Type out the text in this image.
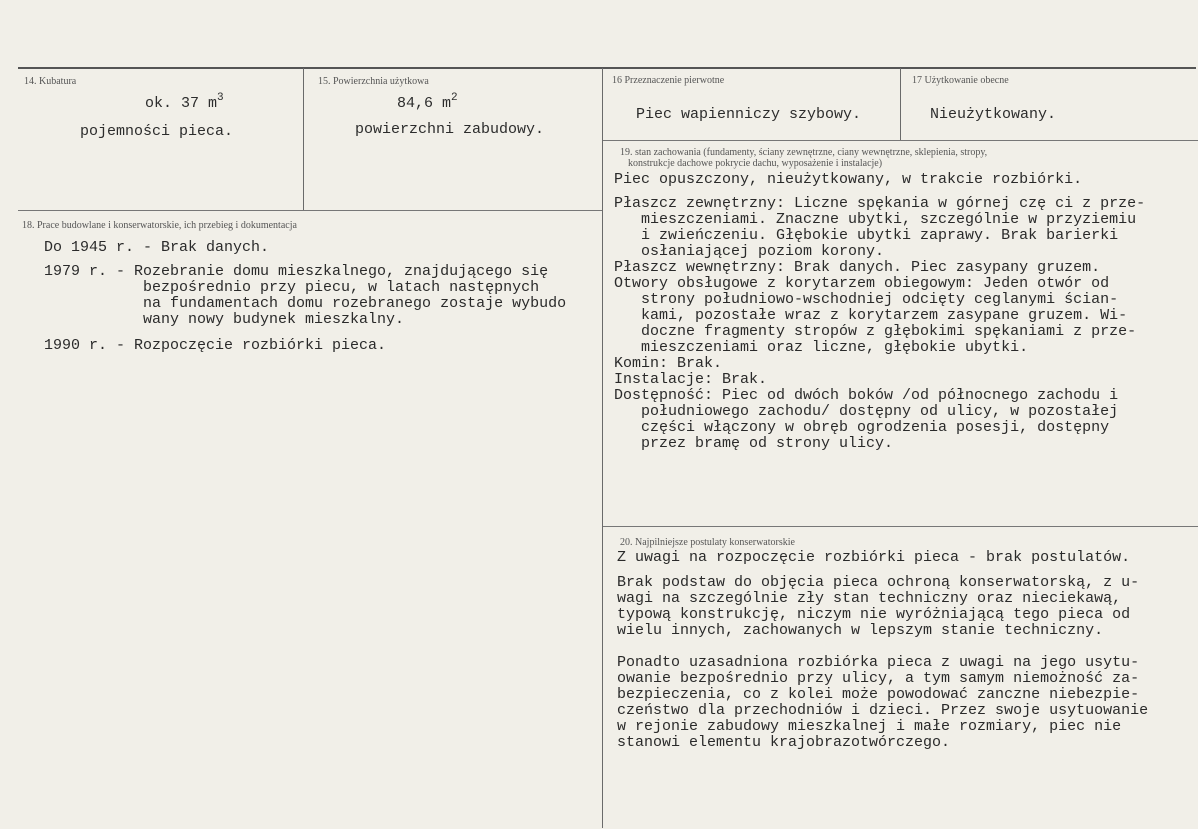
14. Kubatura
ok. 37 $m^3$
pojemności pieca.
15. Powierzchnia użytkowa
84,6 $m^2$
powierzchni zabudowy.
16 Przeznaczenie pierwotne
Piec wapienniczy szybowy.
17 Użytkowanie obecne
Nieużytkowany.
18. Prace budowlane i konserwatorskie, ich przebieg i dokumentacja
Do 1945 r. - Brak danych.
1979 r. - Rozebranie domu mieszkalnego, znajdującego się
bezpośrednio przy piecu, w latach następnych
na fundamentach domu rozebranego zostaje wybudo
wany nowy budynek mieszkalny.
1990 r. - Rozpoczęcie rozbiórki pieca.
19. stan zachowania (fundamenty, ściany zewnętrzne, ciany wewnętrzne, sklepienia, stropy,
konstrukcje dachowe pokrycie dachu, wyposażenie i instalacje)
Piec opuszczony, nieużytkowany, w trakcie rozbiórki.
Płaszcz zewnętrzny: Liczne spękania w górnej czę ci z prze-
mieszczeniami. Znaczne ubytki, szczególnie w przyziemiu
i zwieńczeniu. Głębokie ubytki zaprawy. Brak barierki
osłaniającej poziom korony.
Płaszcz wewnętrzny: Brak danych. Piec zasypany gruzem.
Otwory obsługowe z korytarzem obiegowym: Jeden otwór od
strony południowo-wschodniej odcięty ceglanymi ścian-
kami, pozostałe wraz z korytarzem zasypane gruzem. Wi-
doczne fragmenty stropów z głębokimi spękaniami z prze-
mieszczeniami oraz liczne, głębokie ubytki.
Komin: Brak.
Instalacje: Brak.
Dostępność: Piec od dwóch boków /od północnego zachodu i
południowego zachodu/ dostępny od ulicy, w pozostałej
części włączony w obręb ogrodzenia posesji, dostępny
przez bramę od strony ulicy.
20. Najpilniejsze postulaty konserwatorskie
Z uwagi na rozpoczęcie rozbiórki pieca - brak postulatów.
Brak podstaw do objęcia pieca ochroną konserwatorską, z u-
wagi na szczególnie zły stan techniczny oraz nieciekawą,
typową konstrukcję, niczym nie wyróżniającą tego pieca od
wielu innych, zachowanych w lepszym stanie techniczny.
Ponadto uzasadniona rozbiórka pieca z uwagi na jego usytu-
owanie bezpośrednio przy ulicy, a tym samym niemożność za-
bezpieczenia, co z kolei może powodować zanczne niebezpie-
czeństwo dla przechodniów i dzieci. Przez swoje usytuowanie
w rejonie zabudowy mieszkalnej i małe rozmiary, piec nie
stanowi elementu krajobrazotwórczego.
